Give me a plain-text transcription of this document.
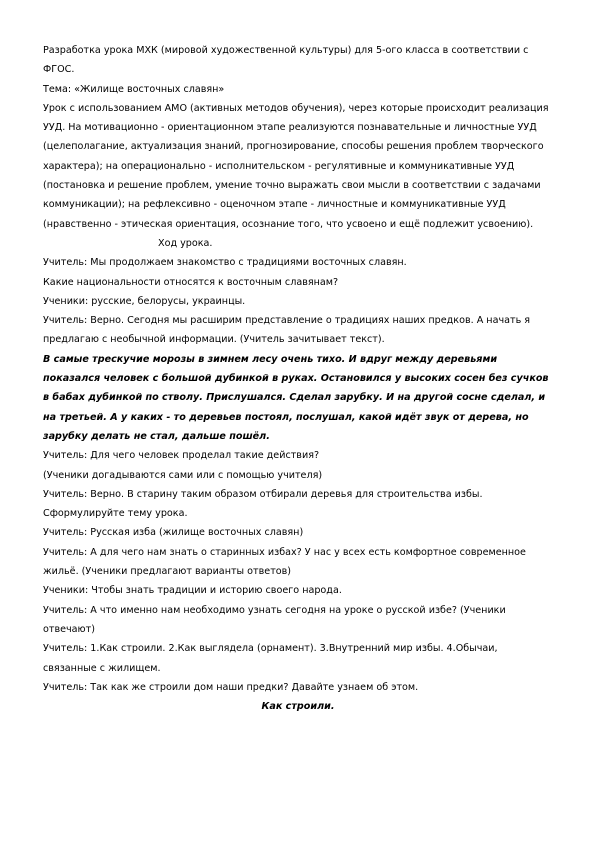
Разработка урока МХК (мировой художественной культуры) для 5-ого класса в соответствии с ФГОС.

Тема: «Жилище восточных славян»

Урок с использованием АМО (активных методов обучения), через которые происходит реализация УУД. На мотивационно - ориентационном этапе реализуются познавательные и личностные УУД (целеполагание, актуализация знаний, прогнозирование, способы решения проблем творческого характера); на операционально - исполнительском - регулятивные и коммуникативные УУД (постановка и решение проблем, умение точно выражать свои мысли в соответствии с задачами коммуникации); на рефлексивно - оценочном этапе - личностные и коммуникативные УУД (нравственно - этическая ориентация, осознание того, что усвоено и ещё подлежит усвоению).

Ход урока.

Учитель: Мы продолжаем знакомство с традициями восточных славян.

Какие национальности относятся к восточным славянам?

Ученики: русские, белорусы, украинцы.

Учитель: Верно. Сегодня мы расширим представление о традициях наших предков. А начать я предлагаю с необычной информации. (Учитель зачитывает текст).

В самые трескучие морозы в зимнем лесу очень тихо. И вдруг между деревьями показался человек с большой дубинкой в руках. Остановился у высоких сосен без сучков в бабах дубинкой по стволу. Прислушался. Сделал зарубку. И на другой сосне сделал, и на третьей. А у каких - то деревьев постоял, послушал, какой идёт звук от дерева, но зарубку делать не стал, дальше пошёл.

Учитель: Для чего человек проделал такие действия?

(Ученики догадываются сами или с помощью учителя)

Учитель: Верно. В старину таким образом отбирали деревья для строительства избы. Сформулируйте тему урока.

Учитель: Русская изба (жилище восточных славян)

Учитель: А для чего нам знать о старинных избах? У нас у всех есть комфортное современное жильё. (Ученики предлагают варианты ответов)

Ученики: Чтобы знать традиции и историю своего народа.

Учитель: А что именно нам необходимо узнать сегодня на уроке о русской избе? (Ученики отвечают)

Учитель: 1.Как строили. 2.Как выглядела (орнамент). 3.Внутренний мир избы. 4.Обычаи, связанные с жилищем.

Учитель: Так как же строили дом наши предки? Давайте узнаем об этом.

Как строили.
